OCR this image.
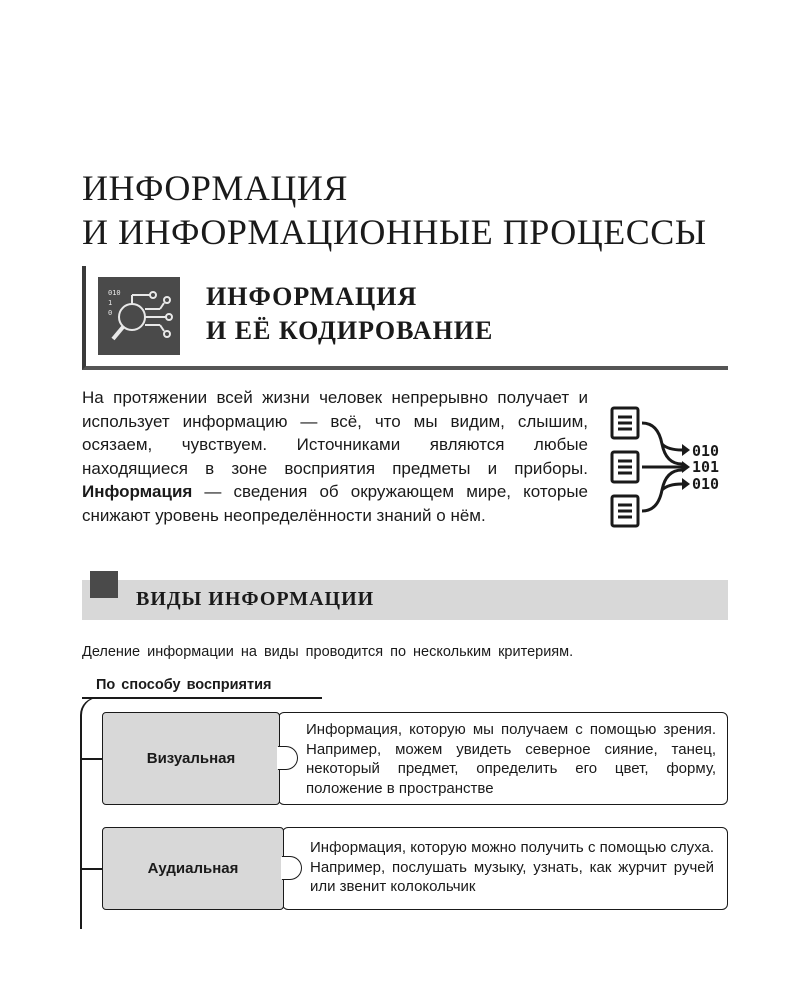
ИНФОРМАЦИЯ
И ИНФОРМАЦИОННЫЕ ПРОЦЕССЫ
010
1
0
ИНФОРМАЦИЯ
И ЕЁ КОДИРОВАНИЕ
На протяжении всей жизни человек непрерывно получает и использует информацию — всё, что мы видим, слышим, осязаем, чувствуем. Источниками являются любые находящиеся в зоне восприятия предметы и приборы. Информация — сведения об окружающем мире, которые снижают уровень неопределённости знаний о нём.
010
101
010
ВИДЫ ИНФОРМАЦИИ
Деление информации на виды проводится по нескольким критериям.
По способу восприятия
Визуальная
Информация, которую мы получаем с помощью зрения. Например, можем увидеть северное сияние, танец, некоторый предмет, определить его цвет, форму, положение в пространстве
Аудиальная
Информация, которую можно получить с помощью слуха. Например, послушать музыку, узнать, как журчит ручей или звенит колокольчик
